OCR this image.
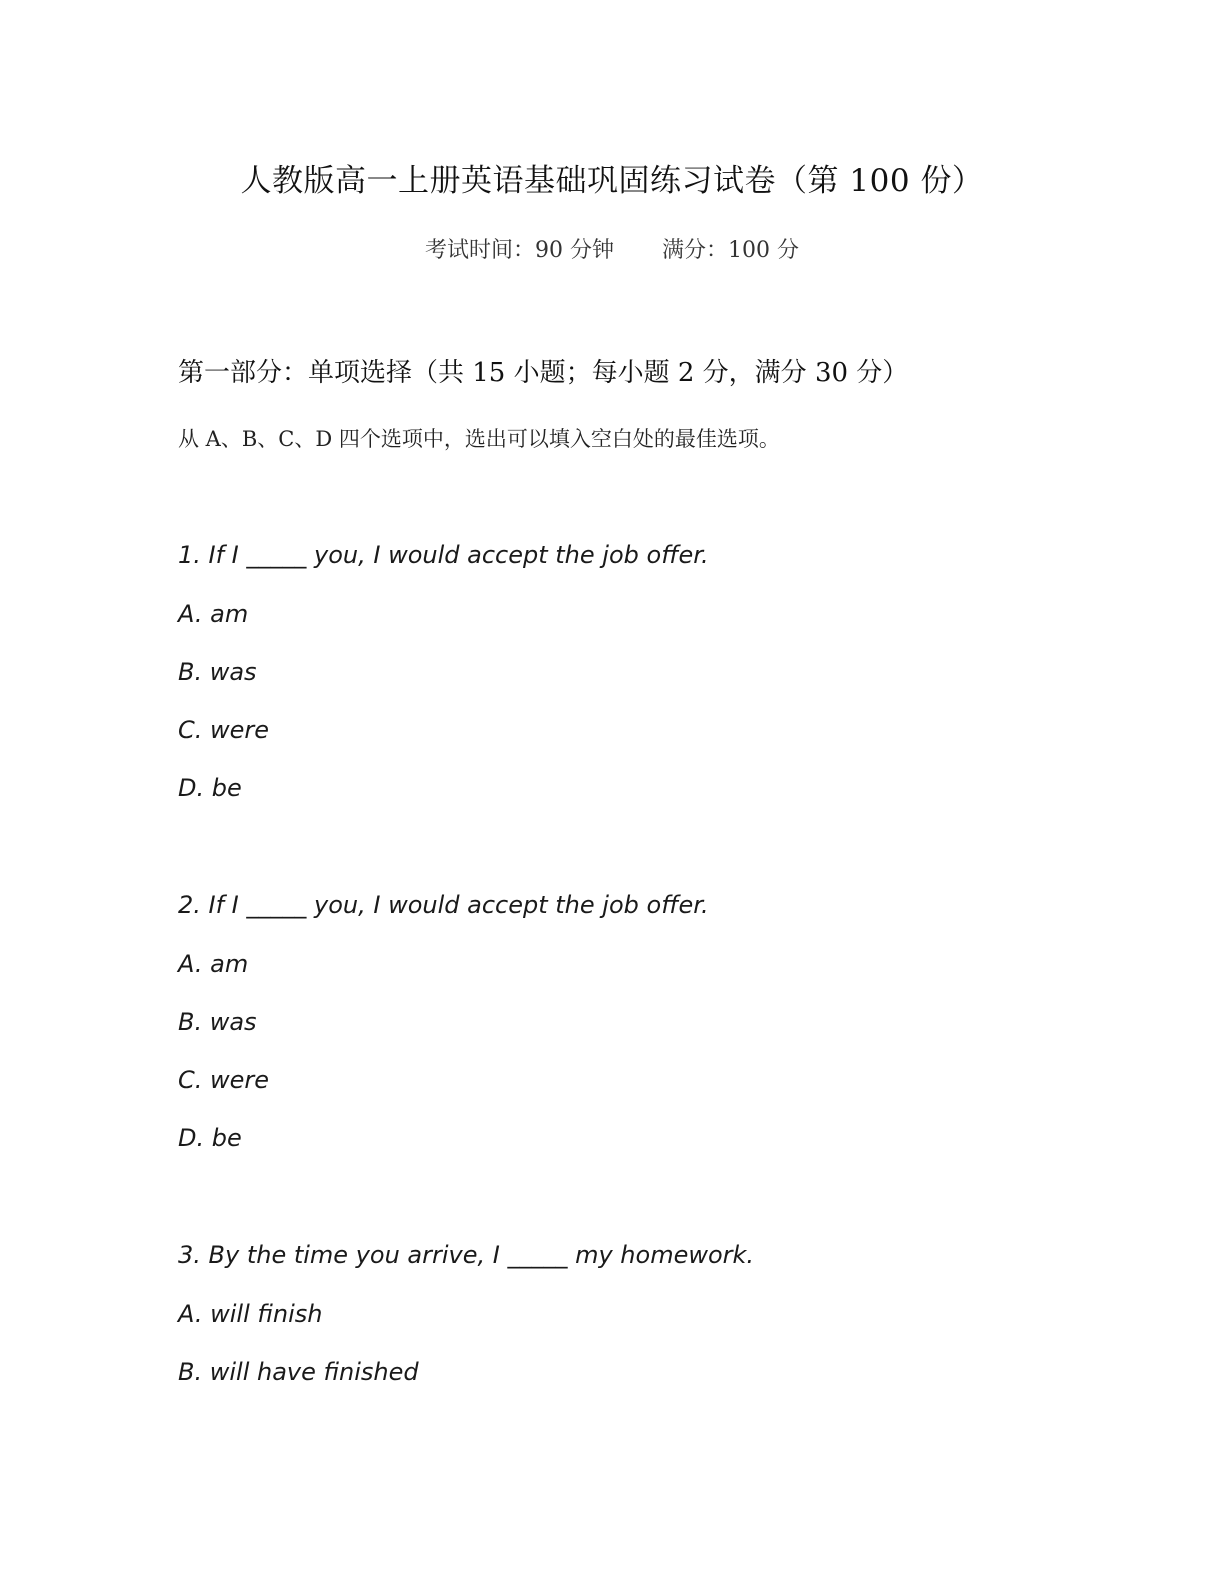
人教版高一上册英语基础巩固练习试卷（第 100 份）
考试时间：90 分钟 满分：100 分
第一部分：单项选择（共 15 小题；每小题 2 分，满分 30 分）
从 A、B、C、D 四个选项中，选出可以填入空白处的最佳选项。
1. If I _____ you, I would accept the job offer.
A. am
B. was
C. were
D. be
2. If I _____ you, I would accept the job offer.
A. am
B. was
C. were
D. be
3. By the time you arrive, I _____ my homework.
A. will finish
B. will have finished
